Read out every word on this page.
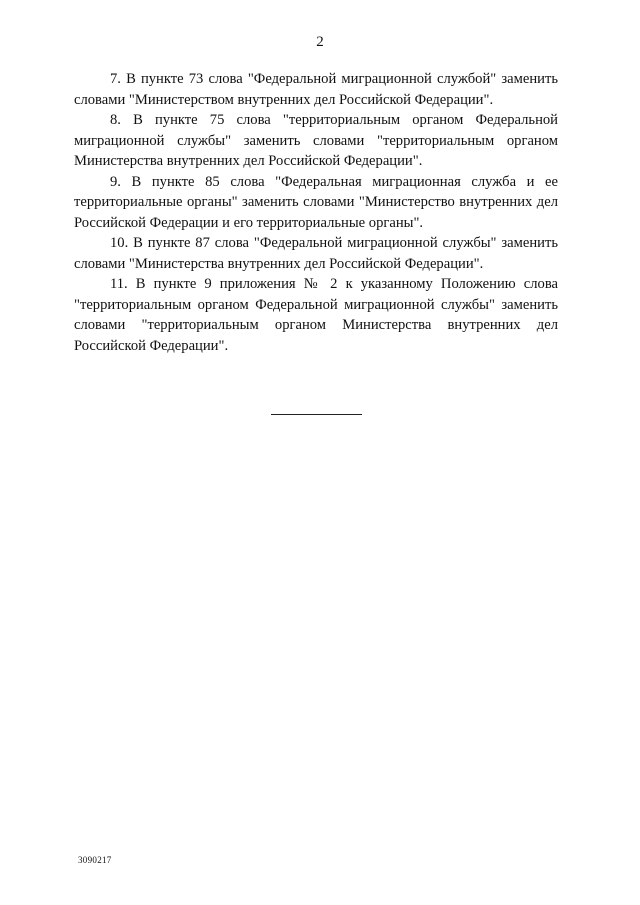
2

7. В пункте 73 слова "Федеральной миграционной службой" заменить словами "Министерством внутренних дел Российской Федерации".

8. В пункте 75 слова "территориальным органом Федеральной миграционной службы" заменить словами "территориальным органом Министерства внутренних дел Российской Федерации".

9. В пункте 85 слова "Федеральная миграционная служба и ее территориальные органы" заменить словами "Министерство внутренних дел Российской Федерации и его территориальные органы".

10. В пункте 87 слова "Федеральной миграционной службы" заменить словами "Министерства внутренних дел Российской Федерации".

11. В пункте 9 приложения № 2 к указанному Положению слова "территориальным органом Федеральной миграционной службы" заменить словами "территориальным органом Министерства внутренних дел Российской Федерации".

3090217
